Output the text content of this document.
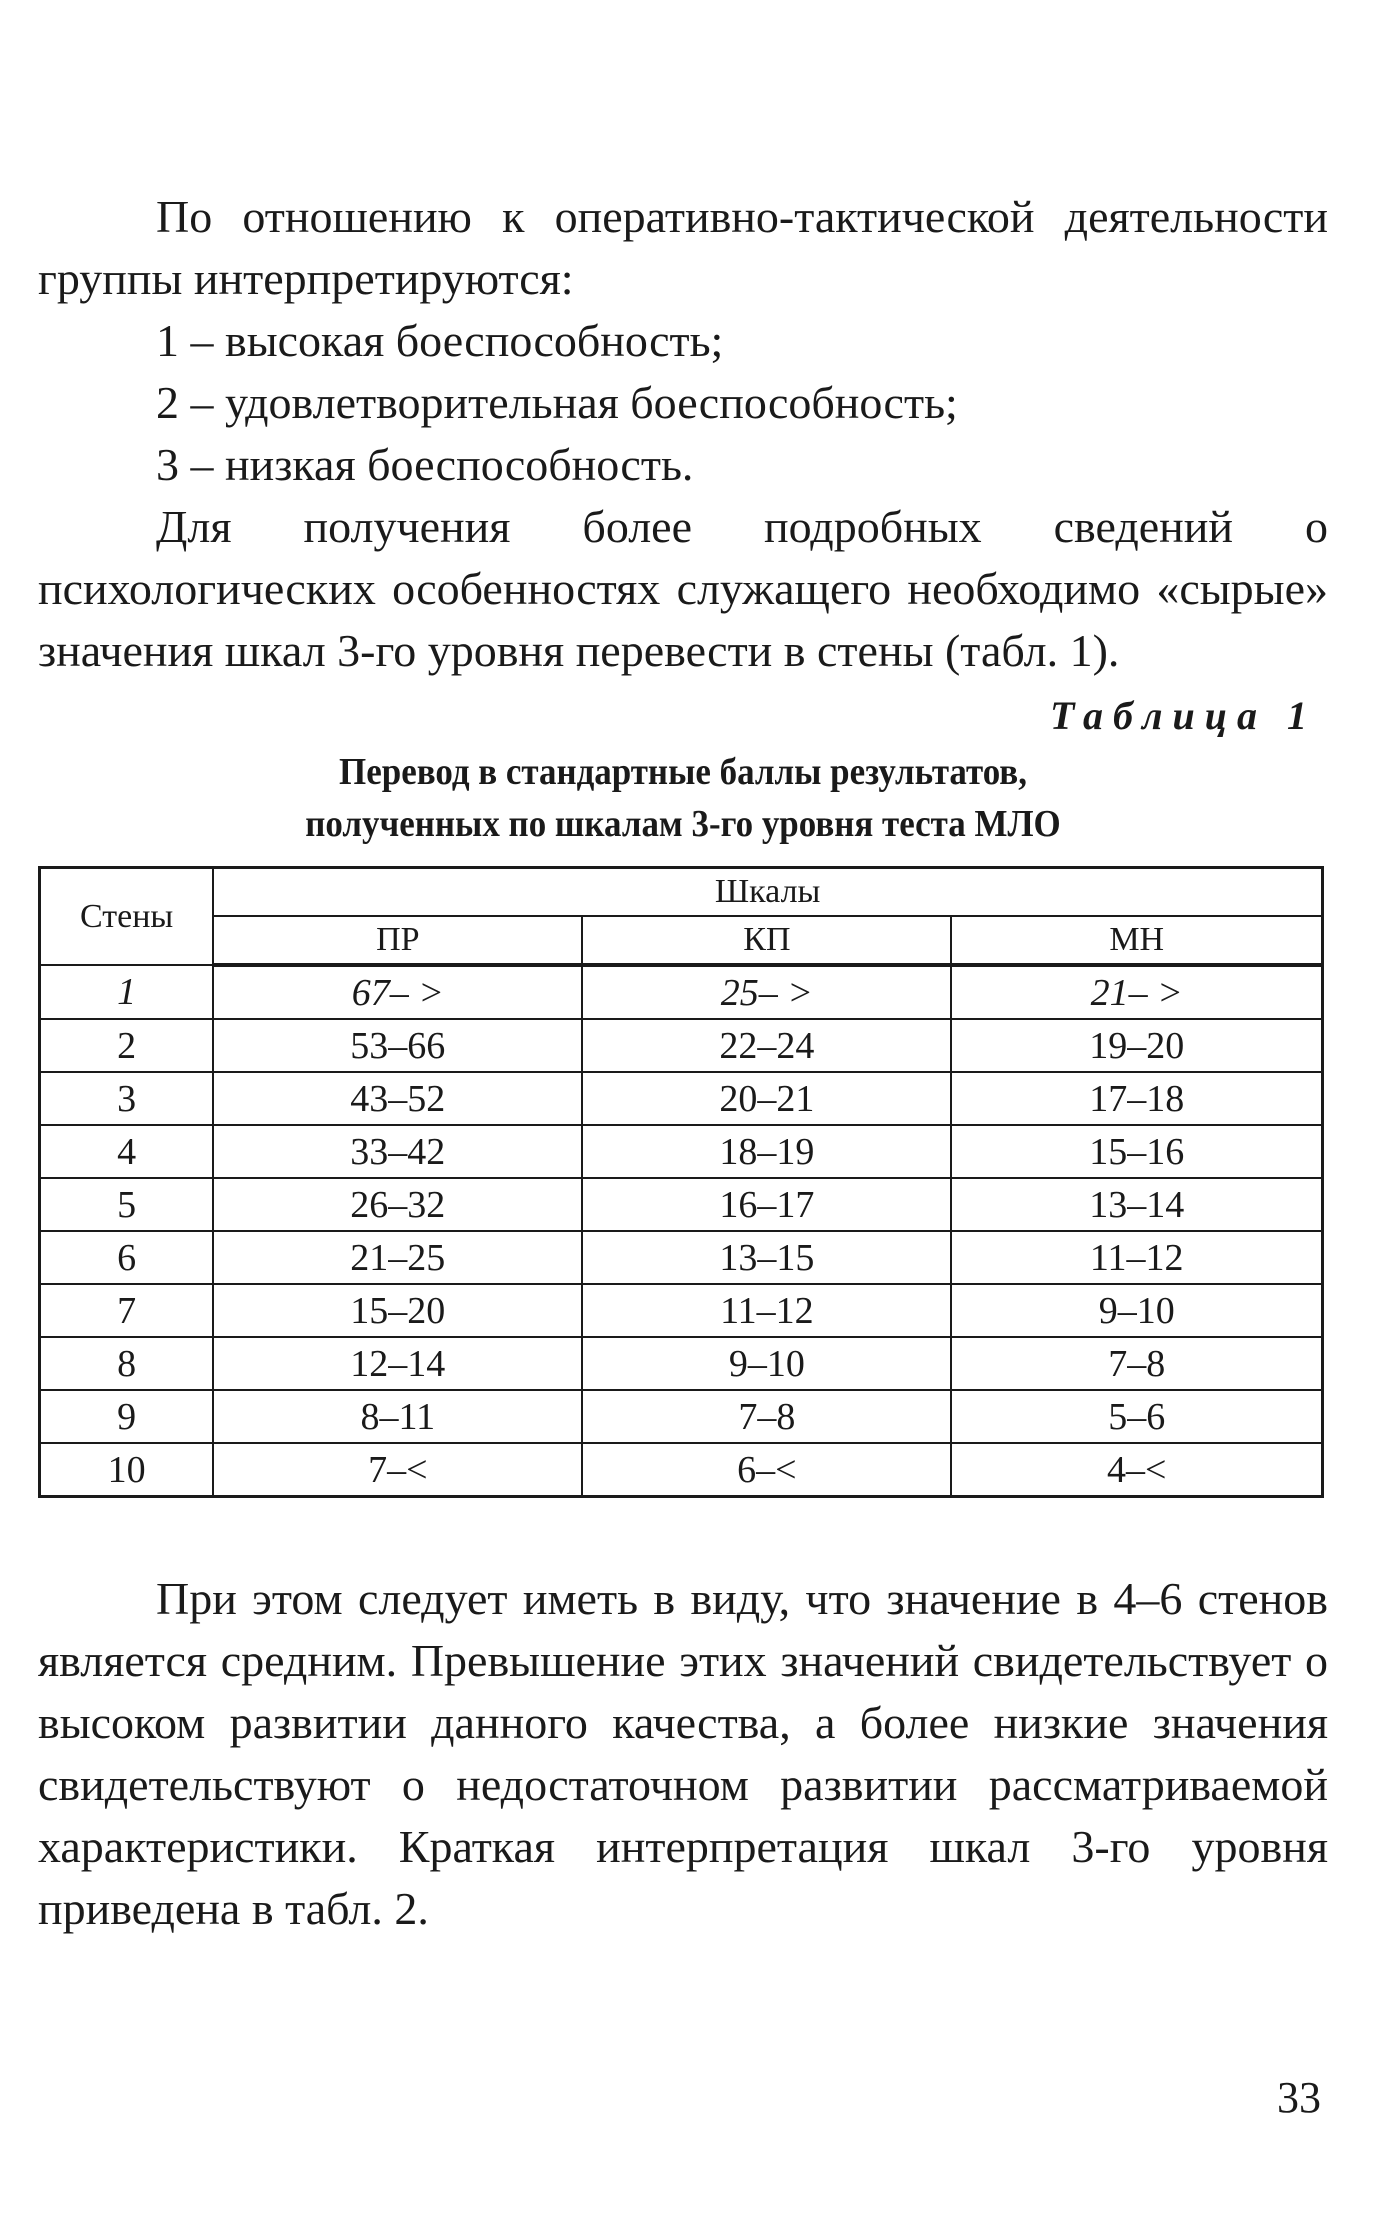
По отношению к оперативно-тактической деятельности группы интерпретируются:

1 – высокая боеспособность;

2 – удовлетворительная боеспособность;

3 – низкая боеспособность.

Для получения более подробных сведений о психологических особенностях служащего необходимо «сырые» значения шкал 3-го уровня перевести в стены (табл. 1).

Таблица 1

Перевод в стандартные баллы результатов,
полученных по шкалам 3-го уровня теста МЛО
Стены	Шкалы		
	ПР	КП	МН
1	67– >	25– >	21– >
2	53–66	22–24	19–20
3	43–52	20–21	17–18
4	33–42	18–19	15–16
5	26–32	16–17	13–14
6	21–25	13–15	11–12
7	15–20	11–12	9–10
8	12–14	9–10	7–8
9	8–11	7–8	5–6
10	7–<	6–<	4–<

При этом следует иметь в виду, что значение в 4–6 стенов является средним. Превышение этих значений свидетельствует о высоком развитии данного качества, а более низкие значения свидетельствуют о недостаточном развитии рассматриваемой характеристики. Краткая интерпретация шкал 3-го уровня приведена в табл. 2.

33
